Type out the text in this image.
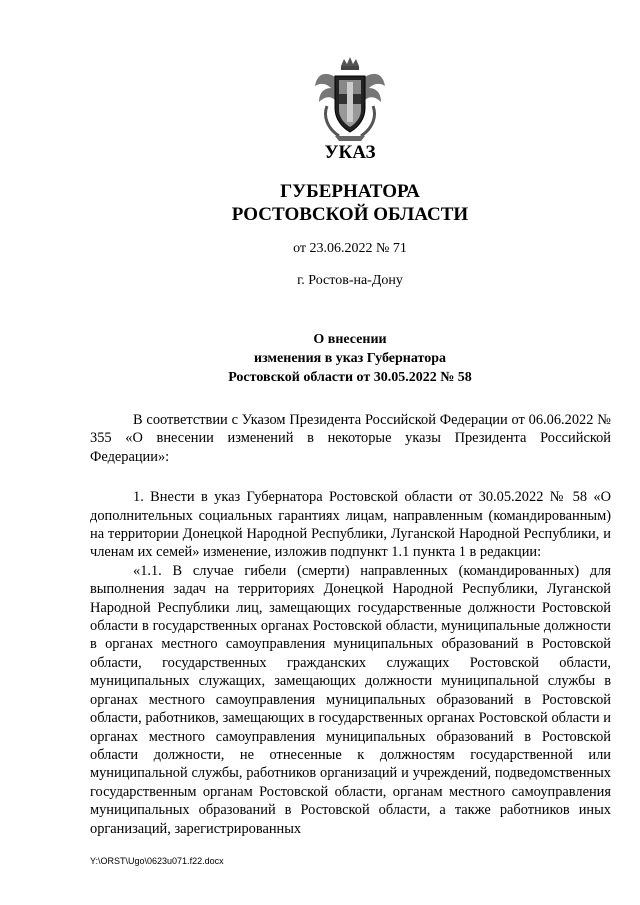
УКАЗ
ГУБЕРНАТОРА
РОСТОВСКОЙ ОБЛАСТИ
от 23.06.2022 № 71
г. Ростов-на-Дону
О внесении
изменения в указ Губернатора
Ростовской области от 30.05.2022 № 58

В соответствии с Указом Президента Российской Федерации от 06.06.2022 № 355 «О внесении изменений в некоторые указы Президента Российской Федерации»:

1. Внести в указ Губернатора Ростовской области от 30.05.2022 № 58 «О дополнительных социальных гарантиях лицам, направленным (командированным) на территории Донецкой Народной Республики, Луганской Народной Республики, и членам их семей» изменение, изложив подпункт 1.1 пункта 1 в редакции:

«1.1. В случае гибели (смерти) направленных (командированных) для выполнения задач на территориях Донецкой Народной Республики, Луганской Народной Республики лиц, замещающих государственные должности Ростовской области в государственных органах Ростовской области, муниципальные должности в органах местного самоуправления муниципальных образований в Ростовской области, государственных гражданских служащих Ростовской области, муниципальных служащих, замещающих должности муниципальной службы в органах местного самоуправления муниципальных образований в Ростовской области, работников, замещающих в государственных органах Ростовской области и органах местного самоуправления муниципальных образований в Ростовской области должности, не отнесенные к должностям государственной или муниципальной службы, работников организаций и учреждений, подведомственных государственным органам Ростовской области, органам местного самоуправления муниципальных образований в Ростовской области, а также работников иных организаций, зарегистрированных

Y:\ORST\Ugo\0623u071.f22.docx
